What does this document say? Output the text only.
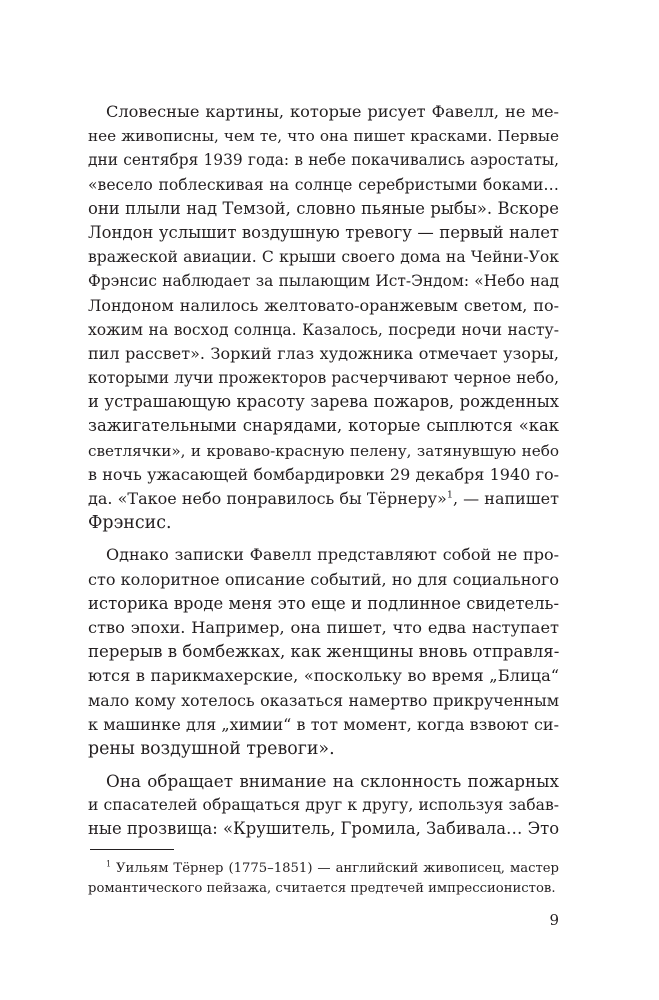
Словесные картины, которые рисует Фавелл, не ме-
нее живописны, чем те, что она пишет красками. Первые
дни сентября 1939 года: в небе покачивались аэростаты,
«весело поблескивая на солнце серебристыми боками…
они плыли над Темзой, словно пьяные рыбы». Вскоре
Лондон услышит воздушную тревогу — первый налет
вражеской авиации. С крыши своего дома на Чейни-Уок
Фрэнсис наблюдает за пылающим Ист-Эндом: «Небо над
Лондоном налилось желтовато-оранжевым светом, по-
хожим на восход солнца. Казалось, посреди ночи насту-
пил рассвет». Зоркий глаз художника отмечает узоры,
которыми лучи прожекторов расчерчивают черное небо,
и устрашающую красоту зарева пожаров, рожденных
зажигательными снарядами, которые сыплются «как
светлячки», и кроваво-красную пелену, затянувшую небо
в ночь ужасающей бомбардировки 29 декабря 1940 го-
да. «Такое небо понравилось бы Тёрнеру»$^1$, — напишет
Фрэнсис.
Однако записки Фавелл представляют собой не про-
сто колоритное описание событий, но для социального
историка вроде меня это еще и подлинное свидетель-
ство эпохи. Например, она пишет, что едва наступает
перерыв в бомбежках, как женщины вновь отправля-
ются в парикмахерские, «поскольку во время „Блица“
мало кому хотелось оказаться намертво прикрученным
к машинке для „химии“ в тот момент, когда взвоют си-
рены воздушной тревоги».
Она обращает внимание на склонность пожарных
и спасателей обращаться друг к другу, используя забав-
ные прозвища: «Крушитель, Громила, Забивала… Это
$^1$ Уильям Тёрнер (1775–1851) — английский живописец, мастер
романтического пейзажа, считается предтечей импрессионистов.
9
